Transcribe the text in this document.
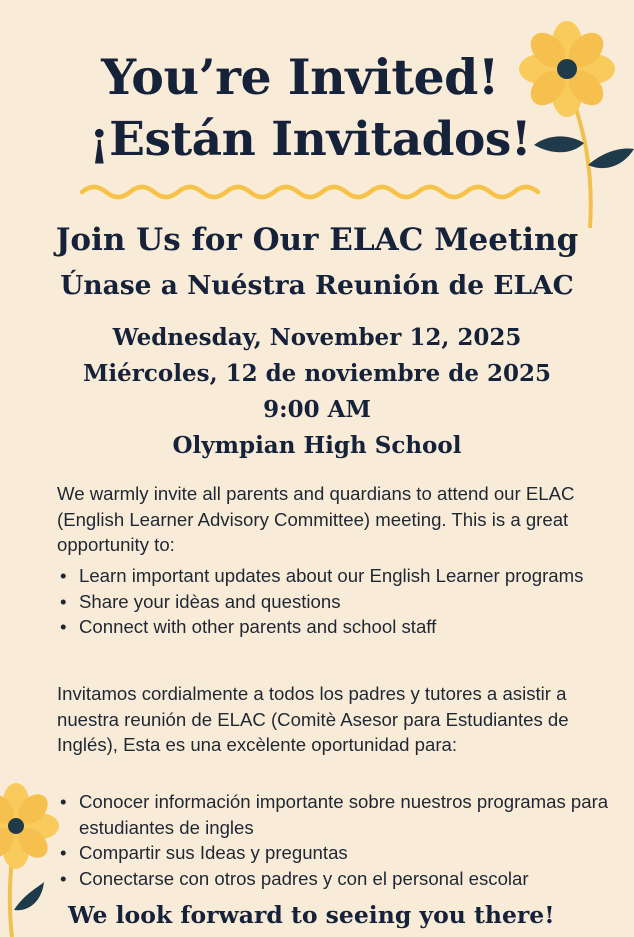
You’re Invited!
¡Están Invitados!
Join Us for Our ELAC Meeting
Únase a Nuéstra Reunión de ELAC
Wednesday, November 12, 2025
Miércoles, 12 de noviembre de 2025
9:00 AM
Olympian High School

We warmly invite all parents and quardians to attend our ELAC (English Learner Advisory Committee) meeting. This is a great opportunity to:

• Learn important updates about our English Learner programs
• Share your idèas and questions
• Connect with other parents and school staff

Invitamos cordialmente a todos los padres y tutores a asistir a nuestra reunión de ELAC (Comitè Asesor para Estudiantes de Inglés), Esta es una excèlente oportunidad para:

• Conocer información importante sobre nuestros programas para estudiantes de ingles
• Compartir sus Ideas y preguntas
• Conectarse con otros padres y con el personal escolar

We look forward to seeing you there!
